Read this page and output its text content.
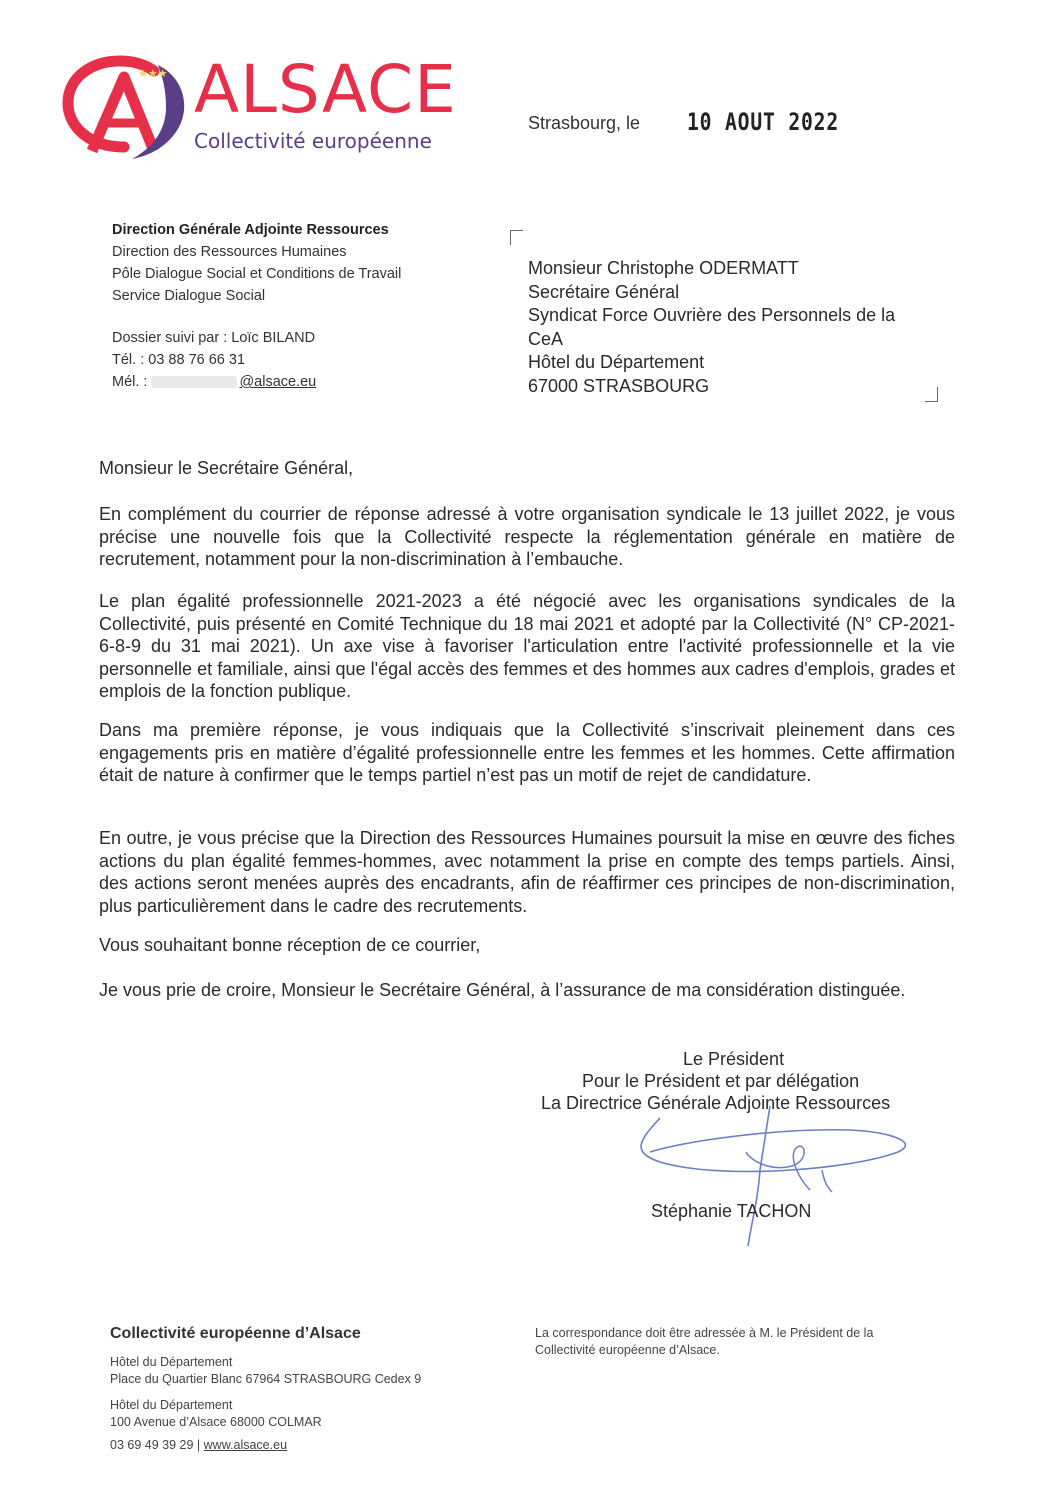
★★★ ALSACE
Collectivité européenne
Strasbourg, le 10 AOUT 2022
Direction Générale Adjointe Ressources
Direction des Ressources Humaines
Pôle Dialogue Social et Conditions de Travail
Service Dialogue Social
Dossier suivi par : Loïc BILAND
Tél. : 03 88 76 66 31
Mél. :	@alsace.eu
Monsieur Christophe ODERMATT
Secrétaire Général
Syndicat Force Ouvrière des Personnels de la CeA
Hôtel du Département
67000 STRASBOURG
Monsieur le Secrétaire Général,
En complément du courrier de réponse adressé à votre organisation syndicale le 13 juillet 2022, je vous précise une nouvelle fois que la Collectivité respecte la réglementation générale en matière de recrutement, notamment pour la non-discrimination à l’embauche.
Le plan égalité professionnelle 2021-2023 a été négocié avec les organisations syndicales de la Collectivité, puis présenté en Comité Technique du 18 mai 2021 et adopté par la Collectivité (N° CP-2021-6-8-9 du 31 mai 2021). Un axe vise à favoriser l'articulation entre l'activité professionnelle et la vie personnelle et familiale, ainsi que l'égal accès des femmes et des hommes aux cadres d'emplois, grades et emplois de la fonction publique.
Dans ma première réponse, je vous indiquais que la Collectivité s’inscrivait pleinement dans ces engagements pris en matière d’égalité professionnelle entre les femmes et les hommes. Cette affirmation était de nature à confirmer que le temps partiel n’est pas un motif de rejet de candidature.
En outre, je vous précise que la Direction des Ressources Humaines poursuit la mise en œuvre des fiches actions du plan égalité femmes-hommes, avec notamment la prise en compte des temps partiels. Ainsi, des actions seront menées auprès des encadrants, afin de réaffirmer ces principes de non-discrimination, plus particulièrement dans le cadre des recrutements.
Vous souhaitant bonne réception de ce courrier,
Je vous prie de croire, Monsieur le Secrétaire Général, à l’assurance de ma considération distinguée.
Le Président
Pour le Président et par délégation
La Directrice Générale Adjointe Ressources
Stéphanie TACHON
Collectivité européenne d’Alsace
Hôtel du Département
Place du Quartier Blanc 67964 STRASBOURG Cedex 9
Hôtel du Département
100 Avenue d’Alsace 68000 COLMAR
03 69 49 39 29 | www.alsace.eu
La correspondance doit être adressée à M. le Président de la Collectivité européenne d’Alsace.
